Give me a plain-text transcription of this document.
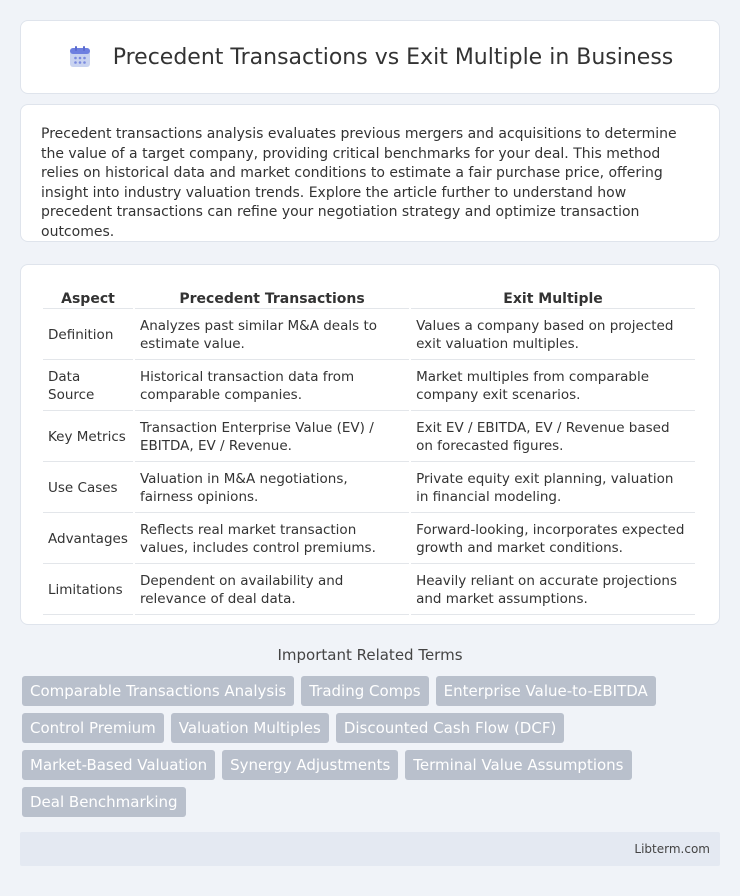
Precedent Transactions vs Exit Multiple in Business

Precedent transactions analysis evaluates previous mergers and acquisitions to determine the value of a target company, providing critical benchmarks for your deal. This method relies on historical data and market conditions to estimate a fair purchase price, offering insight into industry valuation trends. Explore the article further to understand how precedent transactions can refine your negotiation strategy and optimize transaction outcomes.

Aspect	Precedent Transactions	Exit Multiple
Definition	Analyzes past similar M&A deals to estimate value.	Values a company based on projected exit valuation multiples.
Data Source	Historical transaction data from comparable companies.	Market multiples from comparable company exit scenarios.
Key Metrics	Transaction Enterprise Value (EV) / EBITDA, EV / Revenue.	Exit EV / EBITDA, EV / Revenue based on forecasted figures.
Use Cases	Valuation in M&A negotiations, fairness opinions.	Private equity exit planning, valuation in financial modeling.
Advantages	Reflects real market transaction values, includes control premiums.	Forward-looking, incorporates expected growth and market conditions.
Limitations	Dependent on availability and relevance of deal data.	Heavily reliant on accurate projections and market assumptions.
Important Related Terms
Comparable Transactions Analysis	Trading Comps	Enterprise Value-to-EBITDA
Control Premium	Valuation Multiples	Discounted Cash Flow (DCF)
Market-Based Valuation	Synergy Adjustments	Terminal Value Assumptions
Deal Benchmarking
Libterm.com
